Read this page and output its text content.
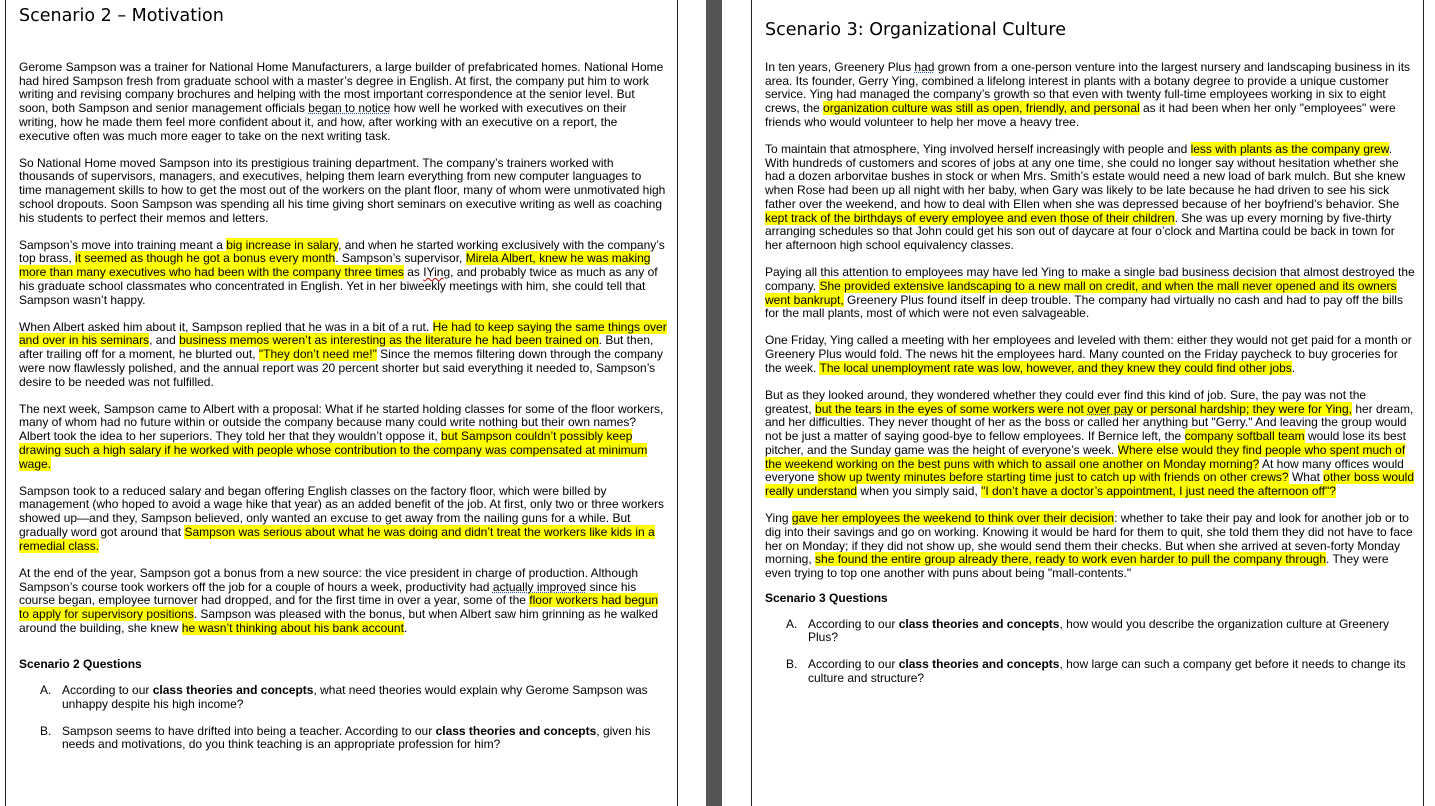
Scenario 2 – Motivation

Gerome Sampson was a trainer for National Home Manufacturers, a large builder of prefabricated homes. National Home had hired Sampson fresh from graduate school with a master’s degree in English. At first, the company put him to work writing and revising company brochures and helping with the most important correspondence at the senior level. But soon, both Sampson and senior management officials began to notice how well he worked with executives on their writing, how he made them feel more confident about it, and how, after working with an executive on a report, the executive often was much more eager to take on the next writing task.

So National Home moved Sampson into its prestigious training department. The company’s trainers worked with thousands of supervisors, managers, and executives, helping them learn everything from new computer languages to time management skills to how to get the most out of the workers on the plant floor, many of whom were unmotivated high school dropouts. Soon Sampson was spending all his time giving short seminars on executive writing as well as coaching his students to perfect their memos and letters.

Sampson’s move into training meant a big increase in salary, and when he started working exclusively with the company’s top brass, it seemed as though he got a bonus every month. Sampson’s supervisor, Mirela Albert, knew he was making more than many executives who had been with the company three times as IYing, and probably twice as much as any of his graduate school classmates who concentrated in English. Yet in her biweekly meetings with him, she could tell that Sampson wasn’t happy.

When Albert asked him about it, Sampson replied that he was in a bit of a rut. He had to keep saying the same things over and over in his seminars, and business memos weren’t as interesting as the literature he had been trained on. But then, after trailing off for a moment, he blurted out, "They don’t need me!" Since the memos filtering down through the company were now flawlessly polished, and the annual report was 20 percent shorter but said everything it needed to, Sampson’s desire to be needed was not fulfilled.

The next week, Sampson came to Albert with a proposal: What if he started holding classes for some of the floor workers, many of whom had no future within or outside the company because many could write nothing but their own names? Albert took the idea to her superiors. They told her that they wouldn’t oppose it, but Sampson couldn’t possibly keep drawing such a high salary if he worked with people whose contribution to the company was compensated at minimum wage.

Sampson took to a reduced salary and began offering English classes on the factory floor, which were billed by management (who hoped to avoid a wage hike that year) as an added benefit of the job. At first, only two or three workers showed up—and they, Sampson believed, only wanted an excuse to get away from the nailing guns for a while. But gradually word got around that Sampson was serious about what he was doing and didn’t treat the workers like kids in a remedial class.

At the end of the year, Sampson got a bonus from a new source: the vice president in charge of production. Although Sampson’s course took workers off the job for a couple of hours a week, productivity had actually improved since his course began, employee turnover had dropped, and for the first time in over a year, some of the floor workers had begun to apply for supervisory positions. Sampson was pleased with the bonus, but when Albert saw him grinning as he walked around the building, she knew he wasn’t thinking about his bank account.

Scenario 2 Questions
A. According to our class theories and concepts, what need theories would explain why Gerome Sampson was unhappy despite his high income?
B. Sampson seems to have drifted into being a teacher. According to our class theories and concepts, given his needs and motivations, do you think teaching is an appropriate profession for him?
Scenario 3: Organizational Culture

In ten years, Greenery Plus had grown from a one-person venture into the largest nursery and landscaping business in its area. Its founder, Gerry Ying, combined a lifelong interest in plants with a botany degree to provide a unique customer service. Ying had managed the company’s growth so that even with twenty full-time employees working in six to eight crews, the organization culture was still as open, friendly, and personal as it had been when her only "employees" were friends who would volunteer to help her move a heavy tree.

To maintain that atmosphere, Ying involved herself increasingly with people and less with plants as the company grew. With hundreds of customers and scores of jobs at any one time, she could no longer say without hesitation whether she had a dozen arborvitae bushes in stock or when Mrs. Smith’s estate would need a new load of bark mulch. But she knew when Rose had been up all night with her baby, when Gary was likely to be late because he had driven to see his sick father over the weekend, and how to deal with Ellen when she was depressed because of her boyfriend’s behavior. She kept track of the birthdays of every employee and even those of their children. She was up every morning by five-thirty arranging schedules so that John could get his son out of daycare at four o’clock and Martina could be back in town for her afternoon high school equivalency classes.

Paying all this attention to employees may have led Ying to make a single bad business decision that almost destroyed the company. She provided extensive landscaping to a new mall on credit, and when the mall never opened and its owners went bankrupt, Greenery Plus found itself in deep trouble. The company had virtually no cash and had to pay off the bills for the mall plants, most of which were not even salvageable.

One Friday, Ying called a meeting with her employees and leveled with them: either they would not get paid for a month or Greenery Plus would fold. The news hit the employees hard. Many counted on the Friday paycheck to buy groceries for the week. The local unemployment rate was low, however, and they knew they could find other jobs.

But as they looked around, they wondered whether they could ever find this kind of job. Sure, the pay was not the greatest, but the tears in the eyes of some workers were not over pay or personal hardship; they were for Ying, her dream, and her difficulties. They never thought of her as the boss or called her anything but "Gerry." And leaving the group would not be just a matter of saying good-bye to fellow employees. If Bernice left, the company softball team would lose its best pitcher, and the Sunday game was the height of everyone’s week. Where else would they find people who spent much of the weekend working on the best puns with which to assail one another on Monday morning? At how many offices would everyone show up twenty minutes before starting time just to catch up with friends on other crews? What other boss would really understand when you simply said, "I don’t have a doctor’s appointment, I just need the afternoon off"?

Ying gave her employees the weekend to think over their decision: whether to take their pay and look for another job or to dig into their savings and go on working. Knowing it would be hard for them to quit, she told them they did not have to face her on Monday; if they did not show up, she would send them their checks. But when she arrived at seven-forty Monday morning, she found the entire group already there, ready to work even harder to pull the company through. They were even trying to top one another with puns about being "mall-contents."

Scenario 3 Questions
A. According to our class theories and concepts, how would you describe the organization culture at Greenery Plus?
B. According to our class theories and concepts, how large can such a company get before it needs to change its culture and structure?
